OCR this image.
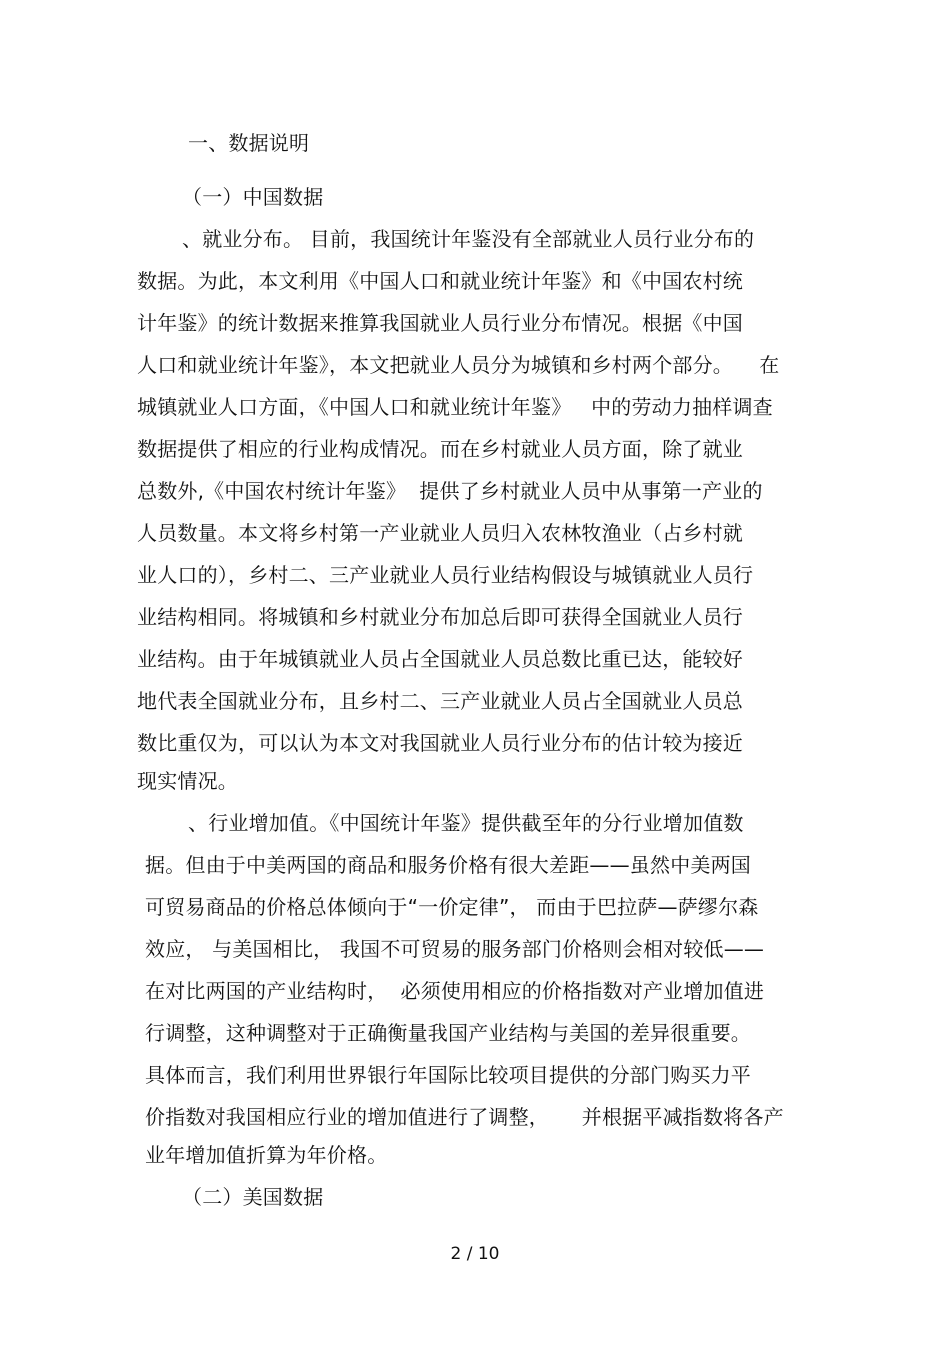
一、数据说明
（一）中国数据
、就业分布。 目前，我国统计年鉴没有全部就业人员行业分布的
数据。为此，本文利用《中国人口和就业统计年鉴》和《中国农村统
计年鉴》的统计数据来推算我国就业人员行业分布情况。根据《中国
人口和就业统计年鉴》，本文把就业人员分为城镇和乡村两个部分。    在
城镇就业人口方面，《中国人口和就业统计年鉴》   中的劳动力抽样调查
数据提供了相应的行业构成情况。而在乡村就业人员方面，除了就业
总数外,《中国农村统计年鉴》  提供了乡村就业人员中从事第一产业的
人员数量。本文将乡村第一产业就业人员归入农林牧渔业（占乡村就
业人口的），乡村二、三产业就业人员行业结构假设与城镇就业人员行
业结构相同。将城镇和乡村就业分布加总后即可获得全国就业人员行
业结构。由于年城镇就业人员占全国就业人员总数比重已达，能较好
地代表全国就业分布，且乡村二、三产业就业人员占全国就业人员总
数比重仅为，可以认为本文对我国就业人员行业分布的估计较为接近
现实情况。
、行业增加值。《中国统计年鉴》提供截至年的分行业增加值数
据。但由于中美两国的商品和服务价格有很大差距——虽然中美两国
可贸易商品的价格总体倾向于“一价定律”， 而由于巴拉萨—萨缪尔森
效应， 与美国相比， 我国不可贸易的服务部门价格则会相对较低——
在对比两国的产业结构时，  必须使用相应的价格指数对产业增加值进
行调整，这种调整对于正确衡量我国产业结构与美国的差异很重要。
具体而言，我们利用世界银行年国际比较项目提供的分部门购买力平
价指数对我国相应行业的增加值进行了调整，     并根据平减指数将各产
业年增加值折算为年价格。
（二）美国数据
2 / 10
